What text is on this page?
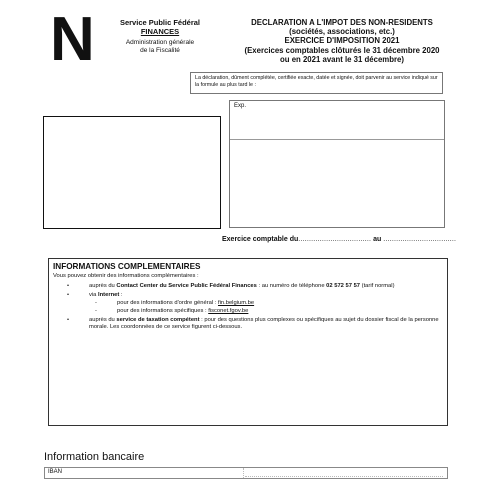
N	Service Public Fédéral
FINANCES
Administration générale
de la Fiscalité
DECLARATION A L'IMPOT DES NON-RESIDENTS
(sociétés, associations, etc.)
EXERCICE D'IMPOSITION 2021
(Exercices comptables clôturés le 31 décembre 2020
ou en 2021 avant le 31 décembre)
La déclaration, dûment complétée, certifiée exacte, datée et signée, doit parvenir au service indiqué sur la formule au plus tard le :
Exp.
Exercice comptable du.................................. au ..................................
INFORMATIONS COMPLEMENTAIRES
Vous pouvez obtenir des informations complémentaires :
•	auprès du Contact Center du Service Public Fédéral Finances : au numéro de téléphone 02 572 57 57 (tarif normal)
•	via Internet :
-	pour des informations d'ordre général : fin.belgium.be
-	pour des informations spécifiques : fisconet.fgov.be
•	auprès du service de taxation compétent : pour des questions plus complexes ou spécifiques au sujet du dossier fiscal de la personne morale. Les coordonnées de ce service figurent ci-dessous.
Information bancaire
IBAN
